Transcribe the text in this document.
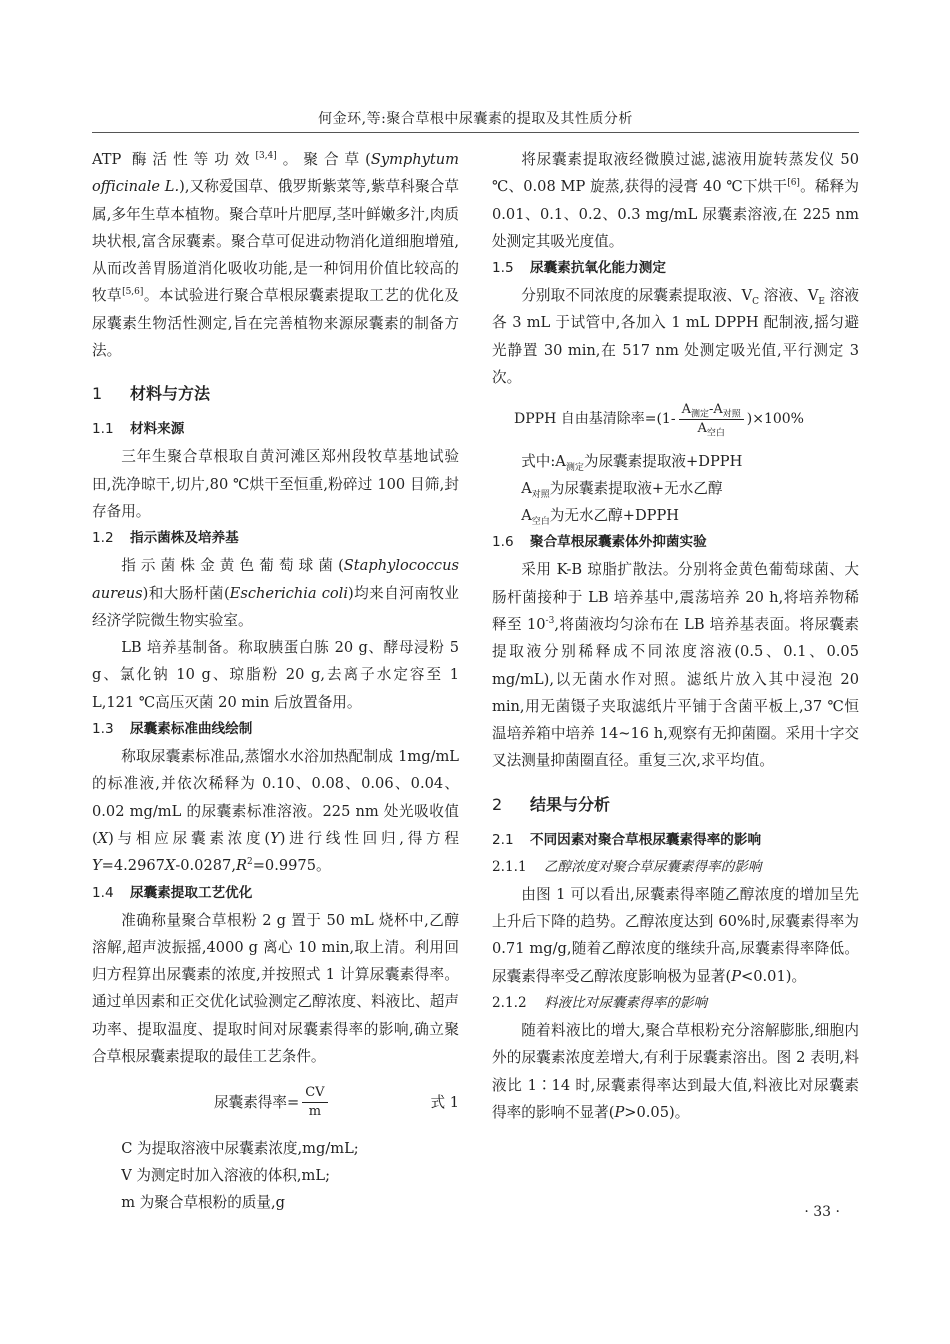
何金环,等:聚合草根中尿囊素的提取及其性质分析

ATP 酶活性等功效[3,4]。聚合草(Symphytum officinale L.),又称爱国草、俄罗斯紫菜等,紫草科聚合草属,多年生草本植物。聚合草叶片肥厚,茎叶鲜嫩多汁,肉质块状根,富含尿囊素。聚合草可促进动物消化道细胞增殖,从而改善胃肠道消化吸收功能,是一种饲用价值比较高的牧草[5,6]。本试验进行聚合草根尿囊素提取工艺的优化及尿囊素生物活性测定,旨在完善植物来源尿囊素的制备方法。

1 材料与方法
1.1 材料来源

三年生聚合草根取自黄河滩区郑州段牧草基地试验田,洗净晾干,切片,80 ℃烘干至恒重,粉碎过 100 目筛,封存备用。

1.2 指示菌株及培养基

指示菌株金黄色葡萄球菌(Staphylococcus aureus)和大肠杆菌(Escherichia coli)均来自河南牧业经济学院微生物实验室。

LB 培养基制备。称取胰蛋白胨 20 g、酵母浸粉 5 g、氯化钠 10 g、琼脂粉 20 g,去离子水定容至 1 L,121 ℃高压灭菌 20 min 后放置备用。

1.3 尿囊素标准曲线绘制

称取尿囊素标准品,蒸馏水水浴加热配制成 1mg/mL 的标准液,并依次稀释为 0.10、0.08、0.06、0.04、0.02 mg/mL 的尿囊素标准溶液。225 nm 处光吸收值(X)与相应尿囊素浓度(Y)进行线性回归,得方程 $Y=4.2967X-0.0287,R^2=0.9975$。

1.4 尿囊素提取工艺优化

准确称量聚合草根粉 2 g 置于 50 mL 烧杯中,乙醇溶解,超声波振摇,4000 g 离心 10 min,取上清。利用回归方程算出尿囊素的浓度,并按照式 1 计算尿囊素得率。通过单因素和正交优化试验测定乙醇浓度、料液比、超声功率、提取温度、提取时间对尿囊素得率的影响,确立聚合草根尿囊素提取的最佳工艺条件。

尿囊素得率= $\frac{CV}{m}$	式 1
C 为提取溶液中尿囊素浓度,mg/mL;
V 为测定时加入溶液的体积,mL;
m 为聚合草根粉的质量,g

将尿囊素提取液经微膜过滤,滤液用旋转蒸发仪 50 ℃、0.08 MP 旋蒸,获得的浸膏 40 ℃下烘干[6]。稀释为 0.01、0.1、0.2、0.3 mg/mL 尿囊素溶液,在 225 nm 处测定其吸光度值。

1.5 尿囊素抗氧化能力测定

分别取不同浓度的尿囊素提取液、$V_C$ 溶液、$V_E$ 溶液各 3 mL 于试管中,各加入 1 mL DPPH 配制液,摇匀避光静置 30 min,在 517 nm 处测定吸光值,平行测定 3 次。

DPPH 自由基清除率$=(1- \frac{A_{测定}-A_{对照}}{A_{空白}} )\times 100\%$
式中$:A_{测定}$为尿囊素提取液+DPPH
$A_{对照}$为尿囊素提取液+无水乙醇
$A_{空白}$为无水乙醇+DPPH
1.6 聚合草根尿囊素体外抑菌实验

采用 K-B 琼脂扩散法。分别将金黄色葡萄球菌、大肠杆菌接种于 LB 培养基中,震荡培养 20 h,将培养物稀释至 $10^{-3}$,将菌液均匀涂布在 LB 培养基表面。将尿囊素提取液分别稀释成不同浓度溶液(0.5、0.1、0.05 mg/mL),以无菌水作对照。滤纸片放入其中浸泡 20 min,用无菌镊子夹取滤纸片平铺于含菌平板上,37 ℃恒温培养箱中培养 14~16 h,观察有无抑菌圈。采用十字交叉法测量抑菌圈直径。重复三次,求平均值。

2 结果与分析
2.1 不同因素对聚合草根尿囊素得率的影响
2.1.1 乙醇浓度对聚合草尿囊素得率的影响

由图 1 可以看出,尿囊素得率随乙醇浓度的增加呈先上升后下降的趋势。乙醇浓度达到 60%时,尿囊素得率为 0.71 mg/g,随着乙醇浓度的继续升高,尿囊素得率降低。尿囊素得率受乙醇浓度影响极为显著(P<0.01)。

2.1.2 料液比对尿囊素得率的影响

随着料液比的增大,聚合草根粉充分溶解膨胀,细胞内外的尿囊素浓度差增大,有利于尿囊素溶出。图 2 表明,料液比 1∶14 时,尿囊素得率达到最大值,料液比对尿囊素得率的影响不显著(P>0.05)。

· 33 ·
